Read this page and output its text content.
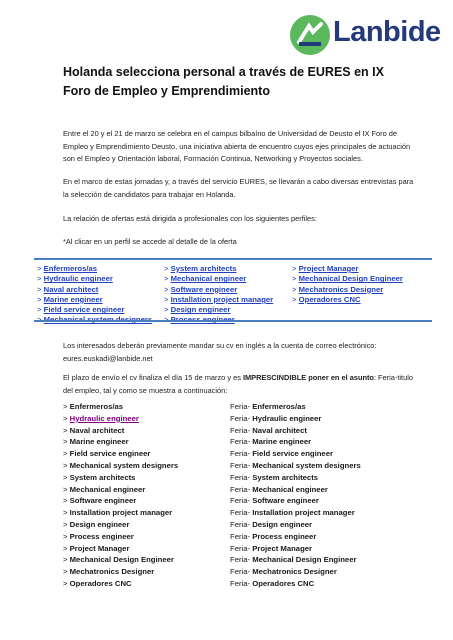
Lanbide
Holanda selecciona personal a través de EURES en IX Foro de Empleo y Emprendimiento
Entre el 20 y el 21 de marzo se celebra en el campus bilbaíno de Universidad de Deusto el IX Foro de Empleo y Emprendimiento Deusto, una iniciativa abierta de encuentro cuyos ejes principales de actuación son el Empleo y Orientación laboral, Formación Continua, Networking y Proyectos sociales.
En el marco de estas jornadas y, a través del servicio EURES, se llevarán a cabo diversas entrevistas para la selección de candidatos para trabajar en Holanda.
La relación de ofertas está dirigida a profesionales con los siguientes perfiles:
*Al clicar en un perfil se accede al detalle de la oferta
> Enfermeros/as
> Hydraulic engineer
> Naval architect
> Marine engineer
> Field service engineer
> System architects
> Mechanical engineer
> Software engineer
> Installation project manager
> Design engineer
> Project Manager
> Mechanical Design Engineer
> Mechatronics Designer
> Operadores CNC
Los interesados deberán previamente mandar su cv en inglés a la cuenta de correo electrónico: eures.euskadi@lanbide.net
El plazo de envío el cv finaliza el día 15 de marzo y es IMPRESCINDIBLE poner en el asunto: Feria-titulo del empleo, tal y como se muestra a continuación:
> Enfermeros/as	Feria- Enfermeros/as
> Hydraulic engineer	Feria- Hydraulic engineer
> Naval architect	Feria- Naval architect
> Marine engineer	Feria- Marine engineer
> Field service engineer	Feria- Field service engineer
> Mechanical system designers	Feria- Mechanical system designers
> System architects	Feria- System architects
> Mechanical engineer	Feria- Mechanical engineer
> Software engineer	Feria- Software engineer
> Installation project manager	Feria- Installation project manager
> Design engineer	Feria- Design engineer
> Process engineer	Feria- Process engineer
> Project Manager	Feria- Project Manager
> Mechanical Design Engineer	Feria- Mechanical Design Engineer
> Mechatronics Designer	Feria- Mechatronics Designer
> Operadores CNC	Feria- Operadores CNC
